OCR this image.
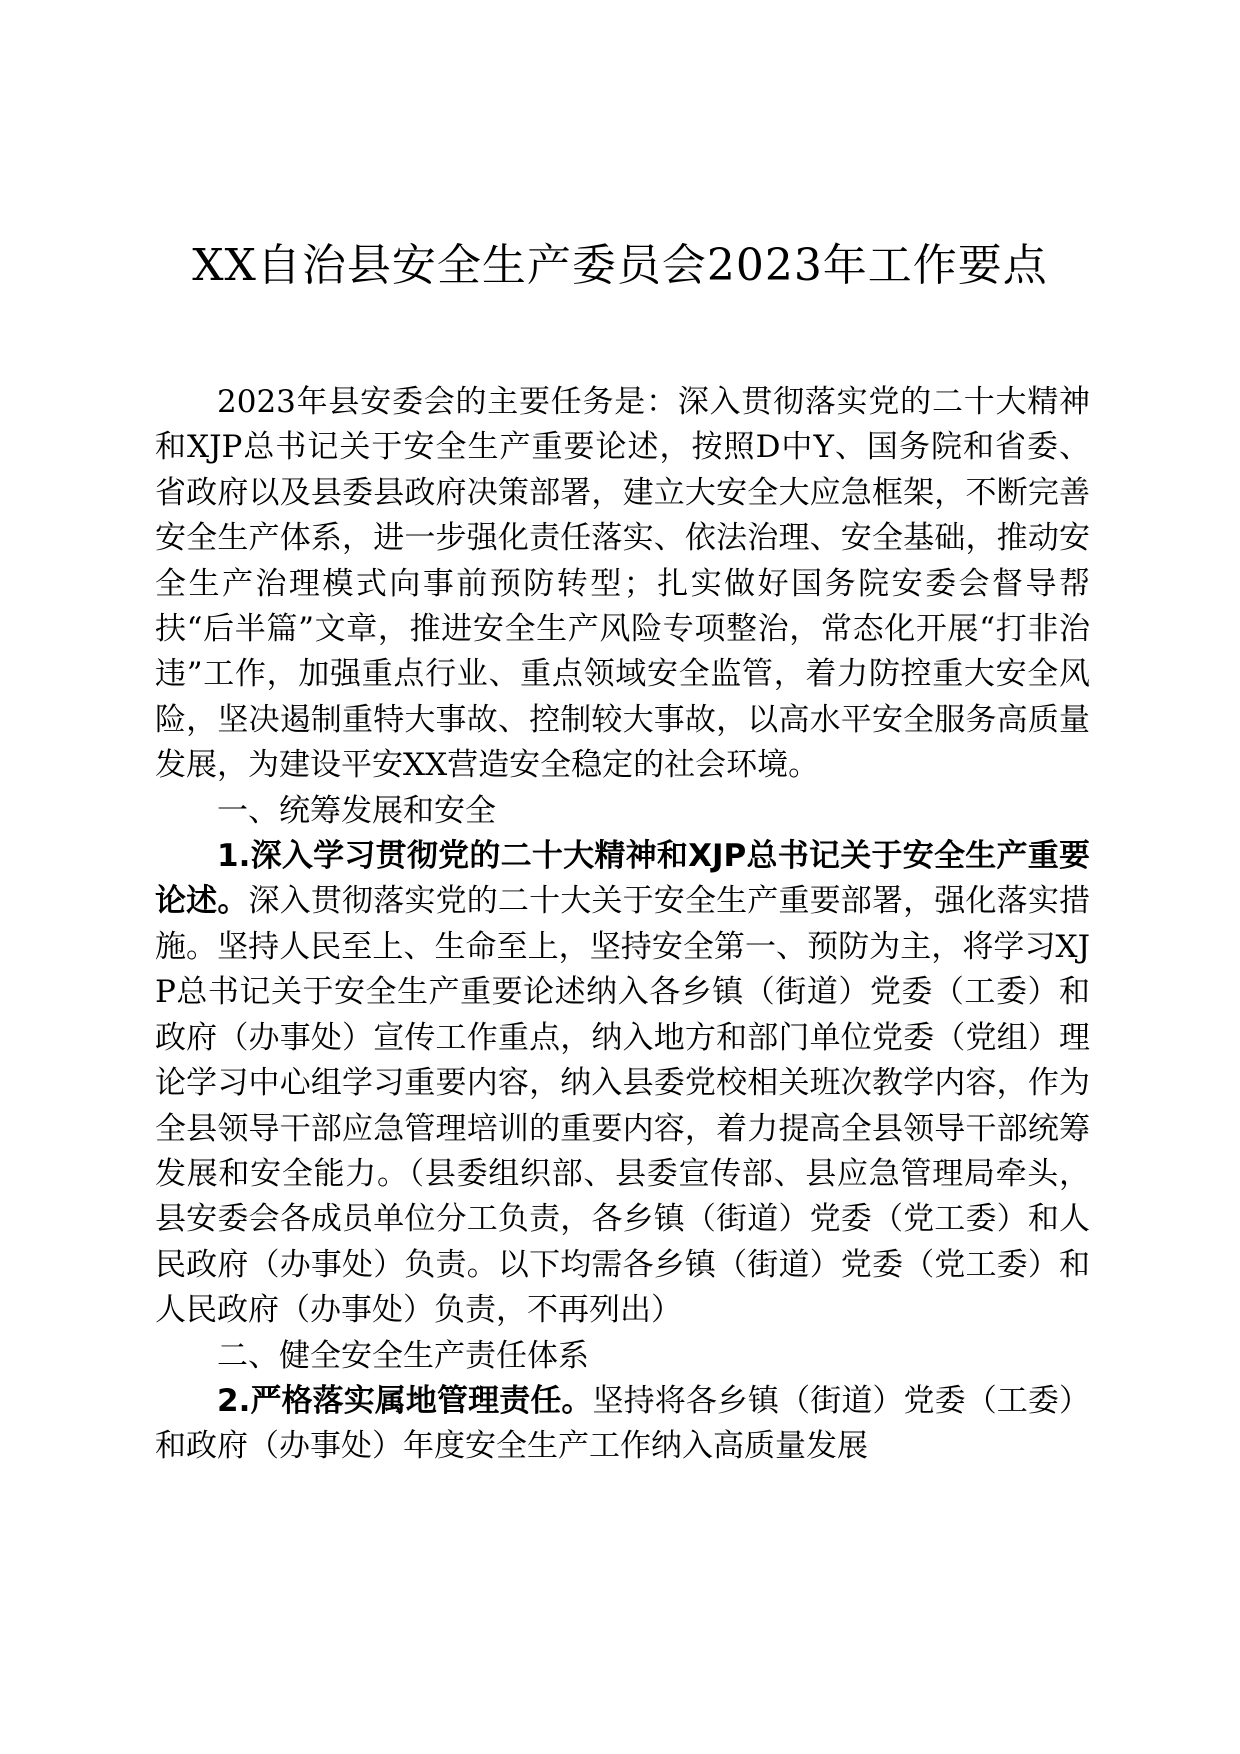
XX自治县安全生产委员会2023年工作要点

2023年县安委会的主要任务是：深入贯彻落实党的二十大精神和XJP总书记关于安全生产重要论述，按照D中Y、国务院和省委、省政府以及县委县政府决策部署，建立大安全大应急框架，不断完善安全生产体系，进一步强化责任落实、依法治理、安全基础，推动安全生产治理模式向事前预防转型；扎实做好国务院安委会督导帮扶“后半篇”文章，推进安全生产风险专项整治，常态化开展“打非治违”工作，加强重点行业、重点领域安全监管，着力防控重大安全风险，坚决遏制重特大事故、控制较大事故，以高水平安全服务高质量发展，为建设平安XX营造安全稳定的社会环境。

一、统筹发展和安全

1.深入学习贯彻党的二十大精神和XJP总书记关于安全生产重要论述。深入贯彻落实党的二十大关于安全生产重要部署，强化落实措施。坚持人民至上、生命至上，坚持安全第一、预防为主，将学习XJP总书记关于安全生产重要论述纳入各乡镇（街道）党委（工委）和政府（办事处）宣传工作重点，纳入地方和部门单位党委（党组）理论学习中心组学习重要内容，纳入县委党校相关班次教学内容，作为全县领导干部应急管理培训的重要内容，着力提高全县领导干部统筹发展和安全能力。（县委组织部、县委宣传部、县应急管理局牵头，县安委会各成员单位分工负责，各乡镇（街道）党委（党工委）和人民政府（办事处）负责。以下均需各乡镇（街道）党委（党工委）和人民政府（办事处）负责，不再列出）

二、健全安全生产责任体系

2.严格落实属地管理责任。坚持将各乡镇（街道）党委（工委）和政府（办事处）年度安全生产工作纳入高质量发展
